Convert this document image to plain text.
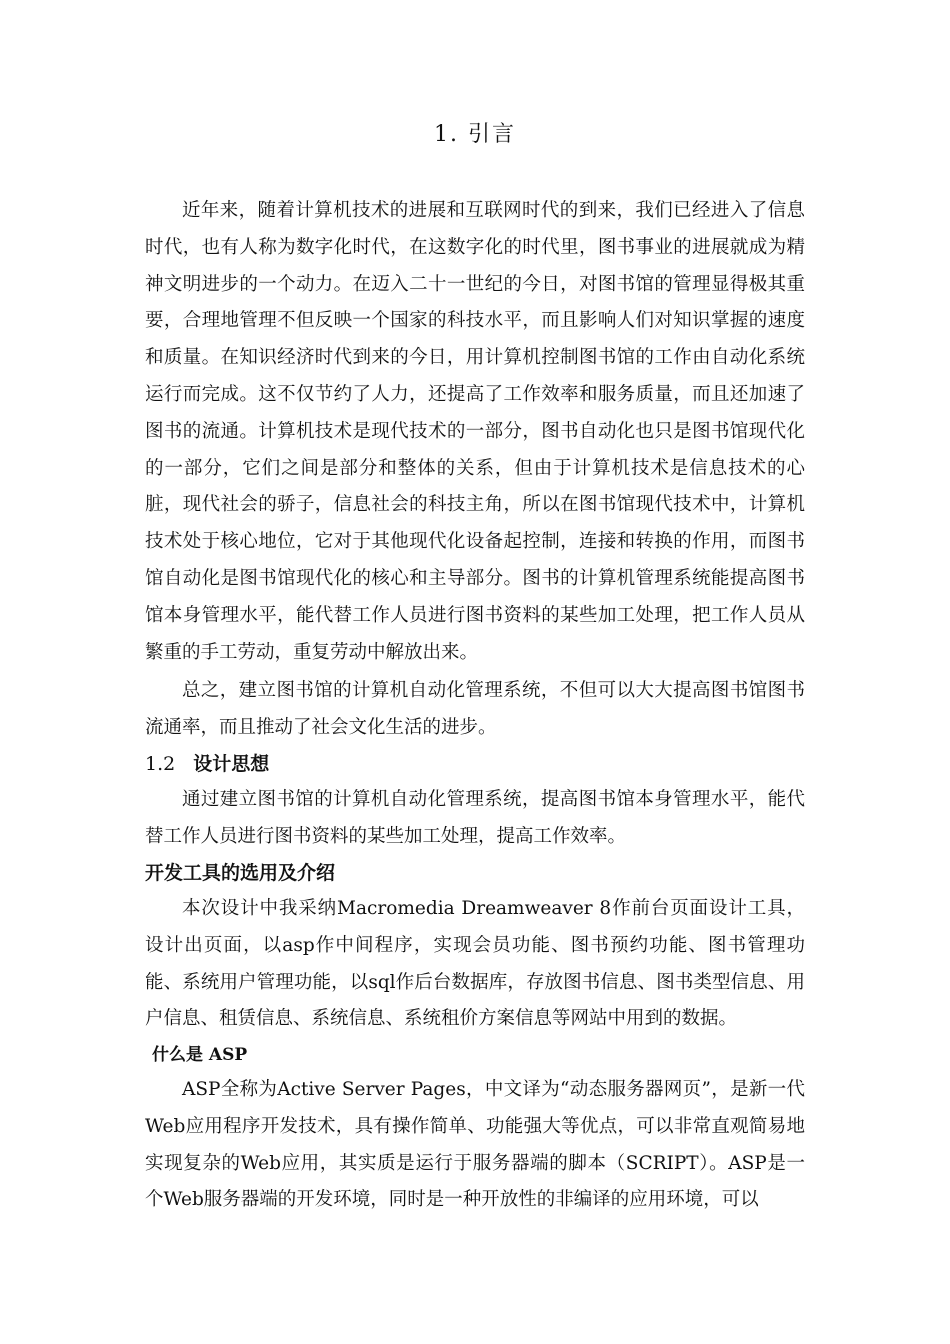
1. 引言

近年来，随着计算机技术的进展和互联网时代的到来，我们已经进入了信息时代，也有人称为数字化时代，在这数字化的时代里，图书事业的进展就成为精神文明进步的一个动力。在迈入二十一世纪的今日，对图书馆的管理显得极其重要，合理地管理不但反映一个国家的科技水平，而且影响人们对知识掌握的速度和质量。在知识经济时代到来的今日，用计算机控制图书馆的工作由自动化系统运行而完成。这不仅节约了人力，还提高了工作效率和服务质量，而且还加速了图书的流通。计算机技术是现代技术的一部分，图书自动化也只是图书馆现代化的一部分，它们之间是部分和整体的关系，但由于计算机技术是信息技术的心脏，现代社会的骄子，信息社会的科技主角，所以在图书馆现代技术中，计算机技术处于核心地位，它对于其他现代化设备起控制，连接和转换的作用，而图书馆自动化是图书馆现代化的核心和主导部分。图书的计算机管理系统能提高图书馆本身管理水平，能代替工作人员进行图书资料的某些加工处理，把工作人员从繁重的手工劳动，重复劳动中解放出来。

总之，建立图书馆的计算机自动化管理系统，不但可以大大提高图书馆图书流通率，而且推动了社会文化生活的进步。

1.2 设计思想

通过建立图书馆的计算机自动化管理系统，提高图书馆本身管理水平，能代替工作人员进行图书资料的某些加工处理，提高工作效率。

开发工具的选用及介绍

本次设计中我采纳Macromedia Dreamweaver 8作前台页面设计工具，设计出页面，以asp作中间程序，实现会员功能、图书预约功能、图书管理功能、系统用户管理功能，以sql作后台数据库，存放图书信息、图书类型信息、用户信息、租赁信息、系统信息、系统租价方案信息等网站中用到的数据。

什么是 ASP

ASP全称为Active Server Pages，中文译为“动态服务器网页”，是新一代Web应用程序开发技术，具有操作简单、功能强大等优点，可以非常直观简易地实现复杂的Web应用，其实质是运行于服务器端的脚本（SCRIPT）。ASP是一个Web服务器端的开发环境，同时是一种开放性的非编译的应用环境，可以
